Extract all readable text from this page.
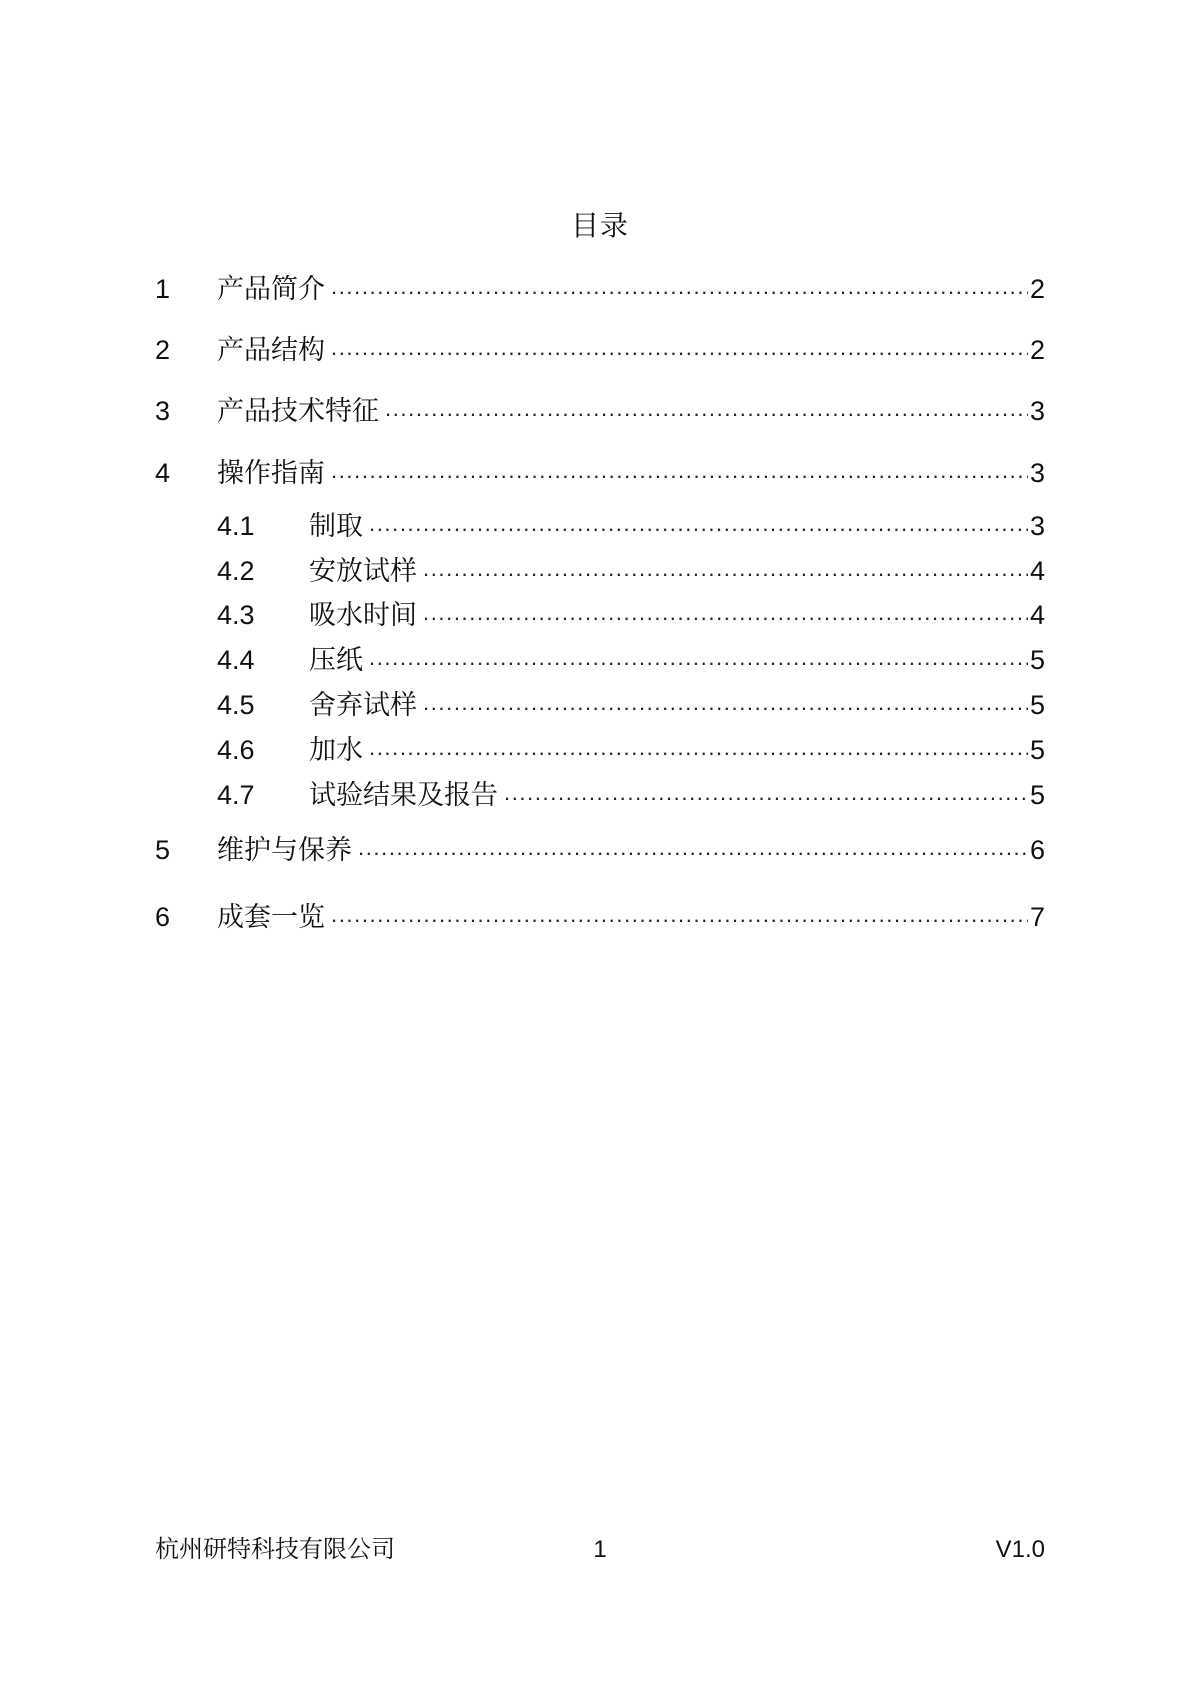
目录
1	产品简介 .....	2
2	产品结构 .....	2
3	产品技术特征 .....	3
4	操作指南 .....	3
4.1	制取 .....	3
4.2	安放试样 .....	4
4.3	吸水时间 .....	4
4.4	压纸 .....	5
4.5	舍弃试样 .....	5
4.6	加水 .....	5
4.7	试验结果及报告 .....	5
5	维护与保养 .....	6
6	成套一览 .....	7
杭州研特科技有限公司	1	V1.0
